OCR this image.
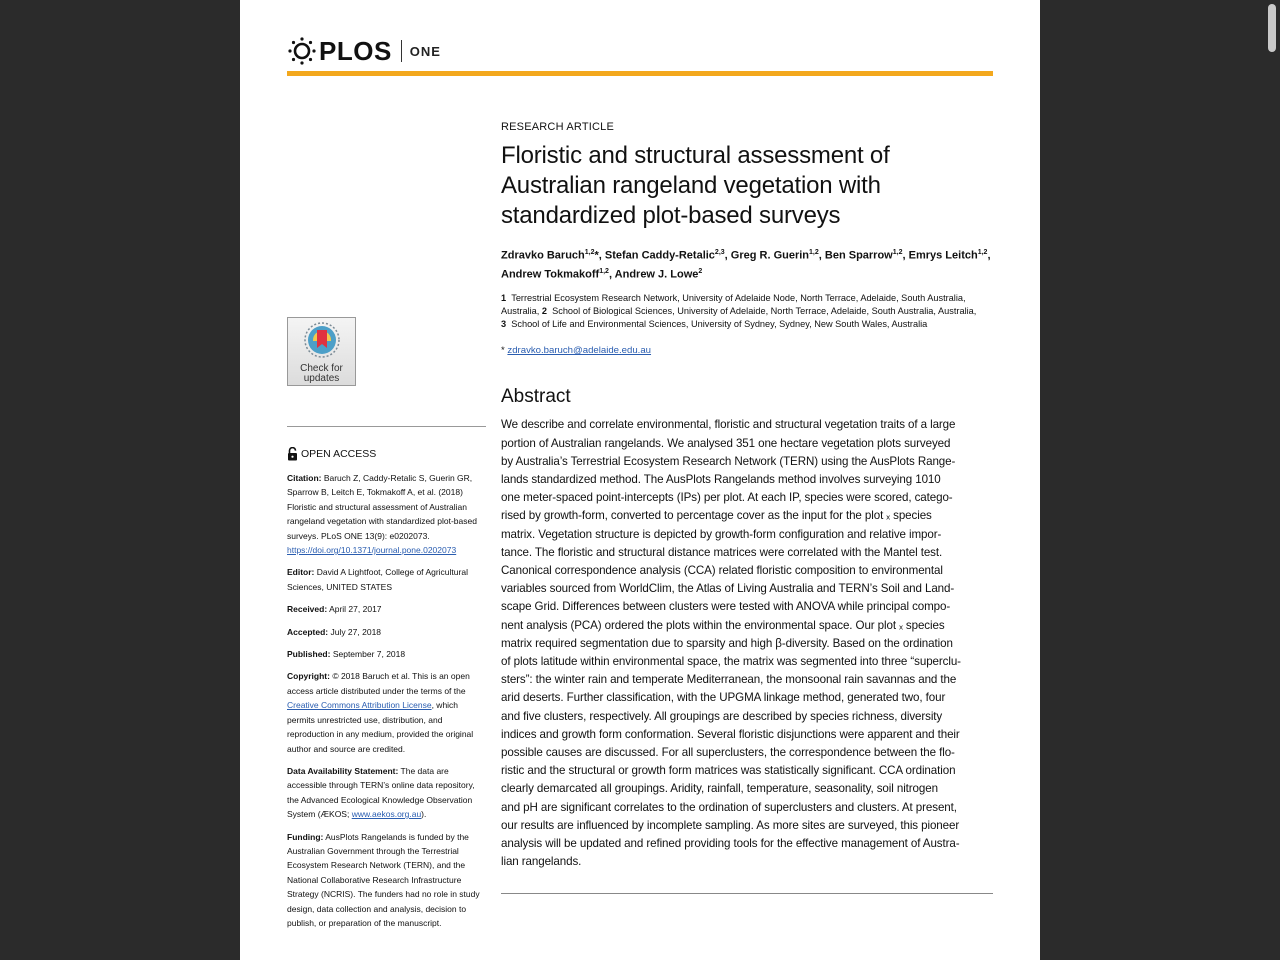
PLOS ONE
Check for
updates
OPEN ACCESS
Citation: Baruch Z, Caddy-Retalic S, Guerin GR, Sparrow B, Leitch E, Tokmakoff A, et al. (2018) Floristic and structural assessment of Australian rangeland vegetation with standardized plot-based surveys. PLoS ONE 13(9): e0202073. https://doi.org/10.1371/journal.pone.0202073
Editor: David A Lightfoot, College of Agricultural Sciences, UNITED STATES
Received: April 27, 2017
Accepted: July 27, 2018
Published: September 7, 2018
Copyright: © 2018 Baruch et al. This is an open access article distributed under the terms of the Creative Commons Attribution License, which permits unrestricted use, distribution, and reproduction in any medium, provided the original author and source are credited.
Data Availability Statement: The data are accessible through TERN’s online data repository, the Advanced Ecological Knowledge Observation System (ÆKOS; www.aekos.org.au).
Funding: AusPlots Rangelands is funded by the Australian Government through the Terrestrial Ecosystem Research Network (TERN), and the National Collaborative Research Infrastructure Strategy (NCRIS). The funders had no role in study design, data collection and analysis, decision to publish, or preparation of the manuscript.
RESEARCH ARTICLE
Floristic and structural assessment of Australian rangeland vegetation with standardized plot-based surveys
Zdravko Baruch$^{1,2}$*, Stefan Caddy-Retalic$^{2,3}$, Greg R. Guerin$^{1,2}$, Ben Sparrow$^{1,2}$, Emrys Leitch$^{1,2}$, Andrew Tokmakoff$^{1,2}$, Andrew J. Lowe$^2$
1 Terrestrial Ecosystem Research Network, University of Adelaide Node, North Terrace, Adelaide, South Australia, Australia, 2 School of Biological Sciences, University of Adelaide, North Terrace, Adelaide, South Australia, Australia, 3 School of Life and Environmental Sciences, University of Sydney, Sydney, New South Wales, Australia
* zdravko.baruch@adelaide.edu.au
Abstract
We describe and correlate environmental, floristic and structural vegetation traits of a large
portion of Australian rangelands. We analysed 351 one hectare vegetation plots surveyed
by Australia’s Terrestrial Ecosystem Research Network (TERN) using the AusPlots Range-
lands standardized method. The AusPlots Rangelands method involves surveying 1010
one meter-spaced point-intercepts (IPs) per plot. At each IP, species were scored, catego-
rised by growth-form, converted to percentage cover as the input for the plot ₓ species
matrix. Vegetation structure is depicted by growth-form configuration and relative impor-
tance. The floristic and structural distance matrices were correlated with the Mantel test.
Canonical correspondence analysis (CCA) related floristic composition to environmental
variables sourced from WorldClim, the Atlas of Living Australia and TERN’s Soil and Land-
scape Grid. Differences between clusters were tested with ANOVA while principal compo-
nent analysis (PCA) ordered the plots within the environmental space. Our plot ₓ species
matrix required segmentation due to sparsity and high β-diversity. Based on the ordination
of plots latitude within environmental space, the matrix was segmented into three “superclu-
sters”: the winter rain and temperate Mediterranean, the monsoonal rain savannas and the
arid deserts. Further classification, with the UPGMA linkage method, generated two, four
and five clusters, respectively. All groupings are described by species richness, diversity
indices and growth form conformation. Several floristic disjunctions were apparent and their
possible causes are discussed. For all superclusters, the correspondence between the flo-
ristic and the structural or growth form matrices was statistically significant. CCA ordination
clearly demarcated all groupings. Aridity, rainfall, temperature, seasonality, soil nitrogen
and pH are significant correlates to the ordination of superclusters and clusters. At present,
our results are influenced by incomplete sampling. As more sites are surveyed, this pioneer
analysis will be updated and refined providing tools for the effective management of Austra-
lian rangelands.
